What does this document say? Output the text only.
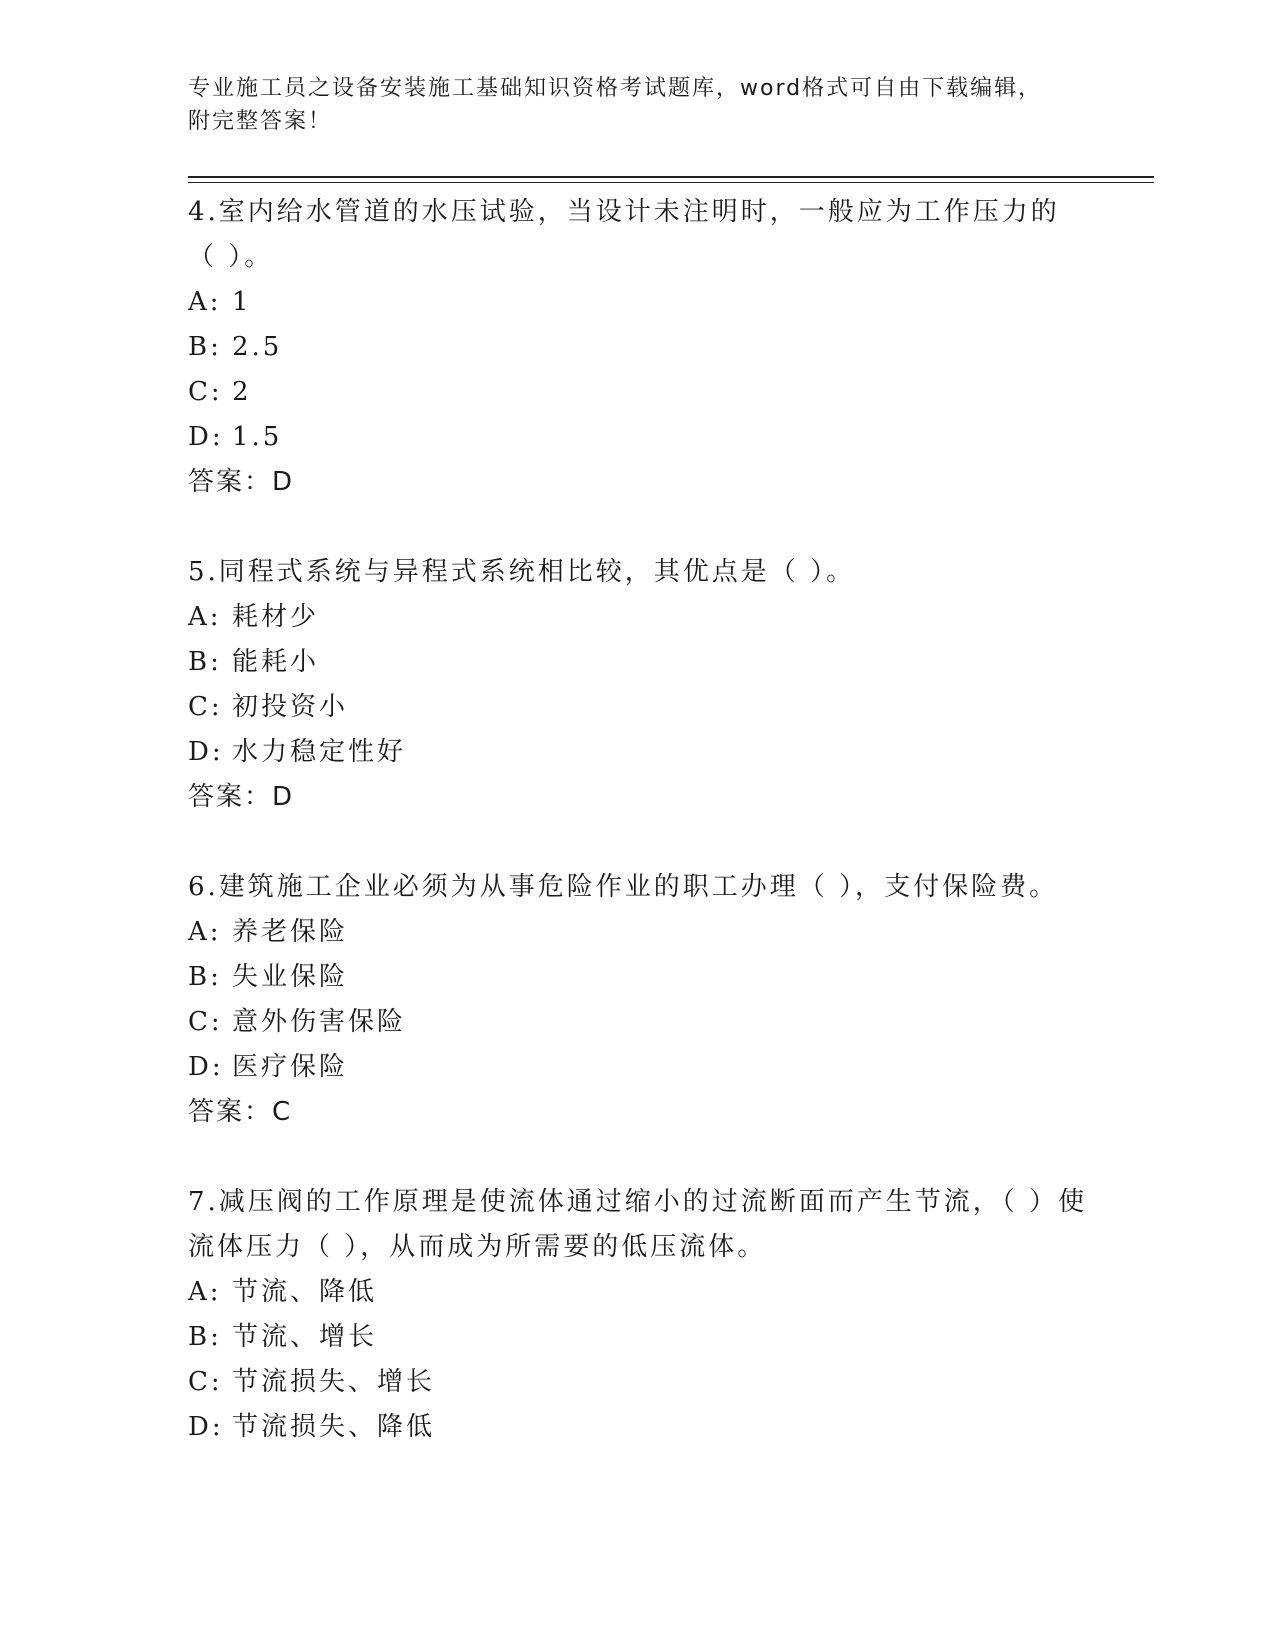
专业施工员之设备安装施工基础知识资格考试题库，word格式可自由下载编辑，
附完整答案！

4.室内给水管道的水压试验，当设计未注明时，一般应为工作压力的（ ）。

A: 1

B: 2.5

C: 2

D: 1.5

答案：D

5.同程式系统与异程式系统相比较，其优点是（ ）。

A: 耗材少

B: 能耗小

C: 初投资小

D: 水力稳定性好

答案：D

6.建筑施工企业必须为从事危险作业的职工办理（ ），支付保险费。

A: 养老保险

B: 失业保险

C: 意外伤害保险

D: 医疗保险

答案：C

7.减压阀的工作原理是使流体通过缩小的过流断面而产生节流，（ ）使流体压力（ ），从而成为所需要的低压流体。

A: 节流、降低

B: 节流、增长

C: 节流损失、增长

D: 节流损失、降低
